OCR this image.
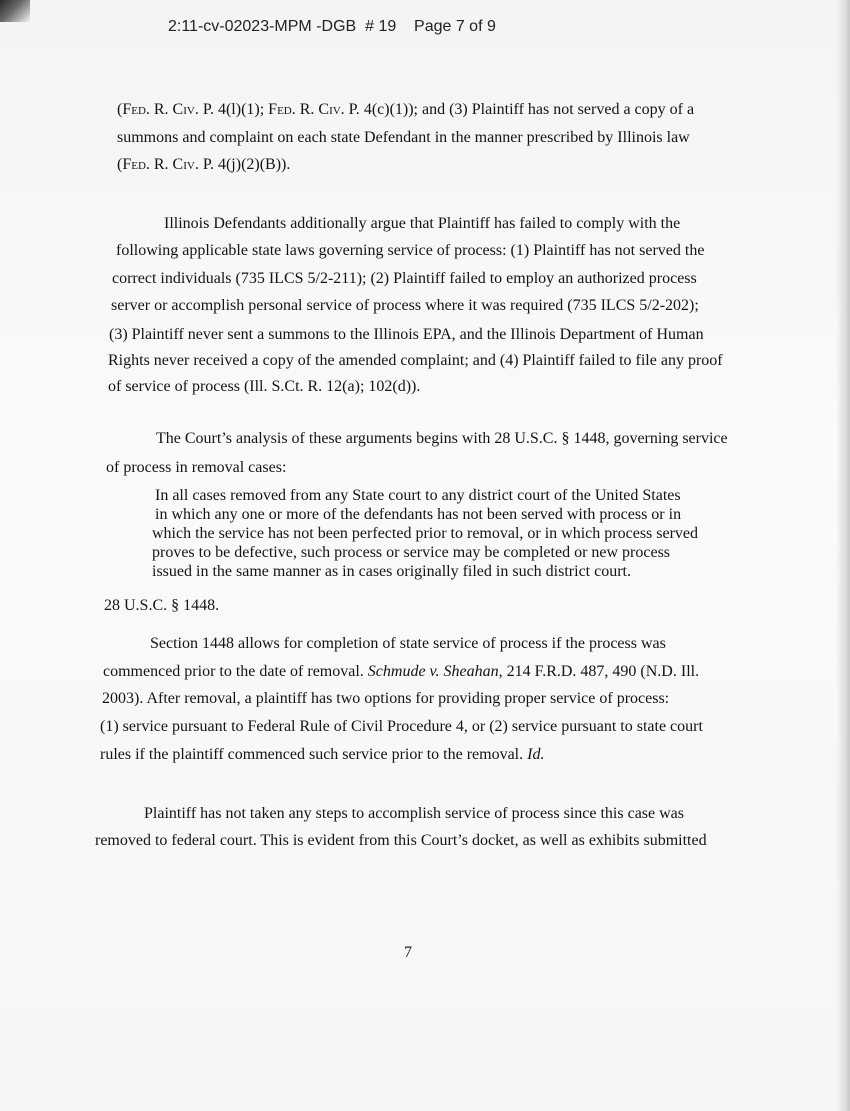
2:11-cv-02023-MPM -DGB  # 19    Page 7 of 9
(Fed. R. Civ. P. 4(l)(1); Fed. R. Civ. P. 4(c)(1)); and (3) Plaintiff has not served a copy of a
summons and complaint on each state Defendant in the manner prescribed by Illinois law
(Fed. R. Civ. P. 4(j)(2)(B)).
Illinois Defendants additionally argue that Plaintiff has failed to comply with the
following applicable state laws governing service of process: (1) Plaintiff has not served the
correct individuals (735 ILCS 5/2-211); (2) Plaintiff failed to employ an authorized process
server or accomplish personal service of process where it was required (735 ILCS 5/2-202);
(3) Plaintiff never sent a summons to the Illinois EPA, and the Illinois Department of Human
Rights never received a copy of the amended complaint; and (4) Plaintiff failed to file any proof
of service of process (Ill. S.Ct. R. 12(a); 102(d)).
The Court’s analysis of these arguments begins with 28 U.S.C. § 1448, governing service
of process in removal cases:
In all cases removed from any State court to any district court of the United States
in which any one or more of the defendants has not been served with process or in
which the service has not been perfected prior to removal, or in which process served
proves to be defective, such process or service may be completed or new process
issued in the same manner as in cases originally filed in such district court.
28 U.S.C. § 1448.
Section 1448 allows for completion of state service of process if the process was
commenced prior to the date of removal. Schmude v. Sheahan, 214 F.R.D. 487, 490 (N.D. Ill.
2003). After removal, a plaintiff has two options for providing proper service of process:
(1) service pursuant to Federal Rule of Civil Procedure 4, or (2) service pursuant to state court
rules if the plaintiff commenced such service prior to the removal. Id.
Plaintiff has not taken any steps to accomplish service of process since this case was
removed to federal court. This is evident from this Court’s docket, as well as exhibits submitted
7
